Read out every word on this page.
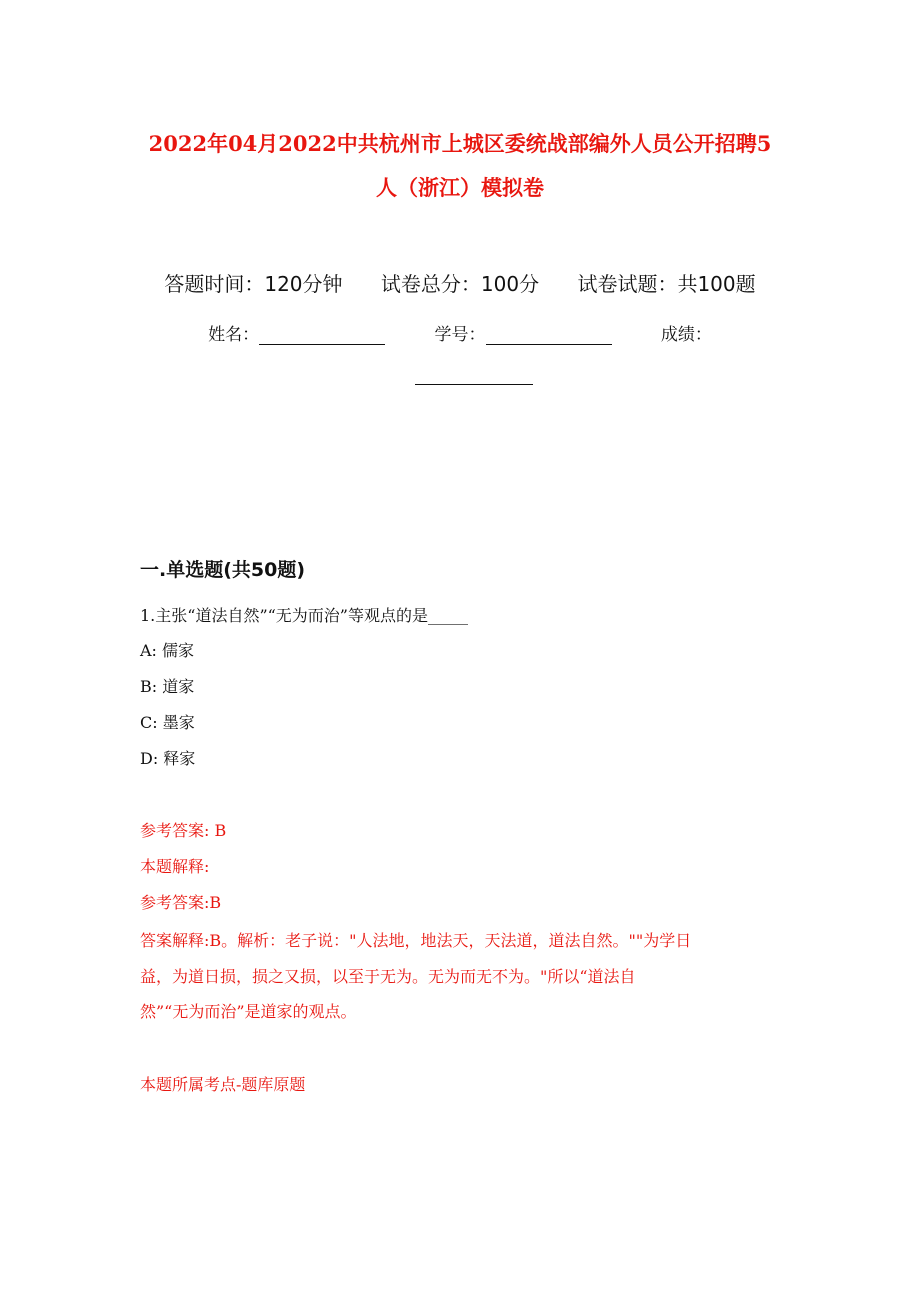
2022年04月2022中共杭州市上城区委统战部编外人员公开招聘5
人（浙江）模拟卷
答题时间：120分钟 试卷总分：100分 试卷试题：共100题
姓名：	学号：	成绩：
一.单选题(共50题)
1.主张“道法自然”“无为而治”等观点的是_____
A: 儒家
B: 道家
C: 墨家
D: 释家
参考答案: B
本题解释:
参考答案:B
答案解释:B。解析：老子说："人法地，地法天，天法道，道法自然。""为学日
益，为道日损，损之又损，以至于无为。无为而无不为。"所以“道法自
然”“无为而治”是道家的观点。
本题所属考点-题库原题
